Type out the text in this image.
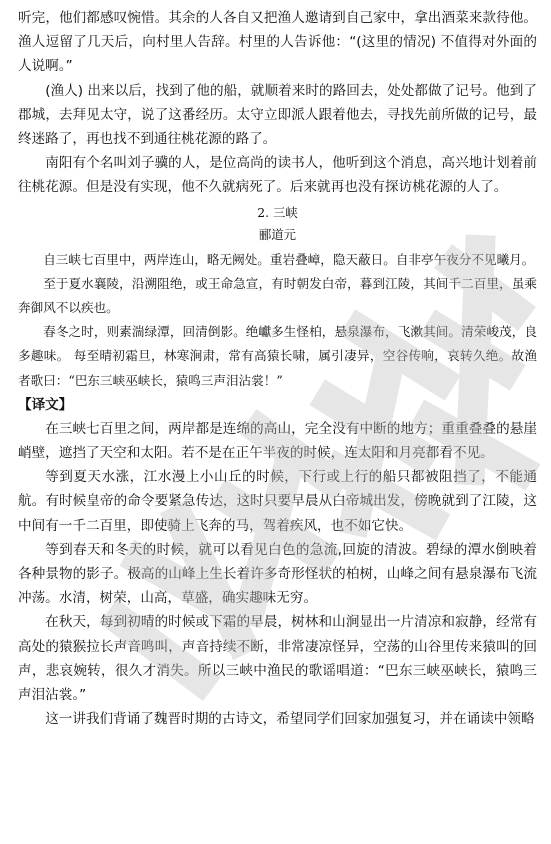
听完，他们都感叹惋惜。其余的人各自又把渔人邀请到自己家中，拿出酒菜来款待他。渔人逗留了几天后，向村里人告辞。村里的人告诉他：“(这里的情况) 不值得对外面的人说啊。”

(渔人) 出来以后，找到了他的船，就顺着来时的路回去，处处都做了记号。他到了郡城，去拜见太守，说了这番经历。太守立即派人跟着他去，寻找先前所做的记号，最终迷路了，再也找不到通往桃花源的路了。

南阳有个名叫刘子骥的人，是位高尚的读书人，他听到这个消息，高兴地计划着前往桃花源。但是没有实现，他不久就病死了。后来就再也没有探访桃花源的人了。

2. 三峡

郦道元

自三峡七百里中，两岸连山，略无阙处。重岩叠嶂，隐天蔽日。自非亭午夜分不见曦月。

至于夏水襄陵，沿溯阻绝，或王命急宣，有时朝发白帝，暮到江陵，其间千二百里，虽乘奔御风不以疾也。

春冬之时，则素湍绿潭，回清倒影。绝巘多生怪柏，悬泉瀑布，飞漱其间。清荣峻茂，良多趣味。 每至晴初霜旦，林寒涧肃，常有高猿长啸，属引凄异，空谷传响，哀转久绝。故渔者歌曰：“巴东三峡巫峡长，猿鸣三声泪沾裳！”

【译文】

在三峡七百里之间，两岸都是连绵的高山，完全没有中断的地方；重重叠叠的悬崖峭壁，遮挡了天空和太阳。若不是在正午半夜的时候，连太阳和月亮都看不见。

等到夏天水涨，江水漫上小山丘的时候，下行或上行的船只都被阻挡了，不能通航。有时候皇帝的命令要紧急传达，这时只要早晨从白帝城出发，傍晚就到了江陵，这中间有一千二百里，即使骑上飞奔的马，驾着疾风，也不如它快。

等到春天和冬天的时候，就可以看见白色的急流,回旋的清波。碧绿的潭水倒映着各种景物的影子。极高的山峰上生长着许多奇形怪状的柏树，山峰之间有悬泉瀑布飞流冲荡。水清，树荣，山高，草盛，确实趣味无穷。

在秋天，每到初晴的时候或下霜的早晨，树林和山涧显出一片清凉和寂静，经常有高处的猿猴拉长声音鸣叫，声音持续不断，非常凄凉怪异，空荡的山谷里传来猿叫的回声，悲哀婉转，很久才消失。所以三峡中渔民的歌谣唱道：“巴东三峡巫峡长，猿鸣三声泪沾裳。”

这一讲我们背诵了魏晋时期的古诗文，希望同学们回家加强复习，并在诵读中领略
